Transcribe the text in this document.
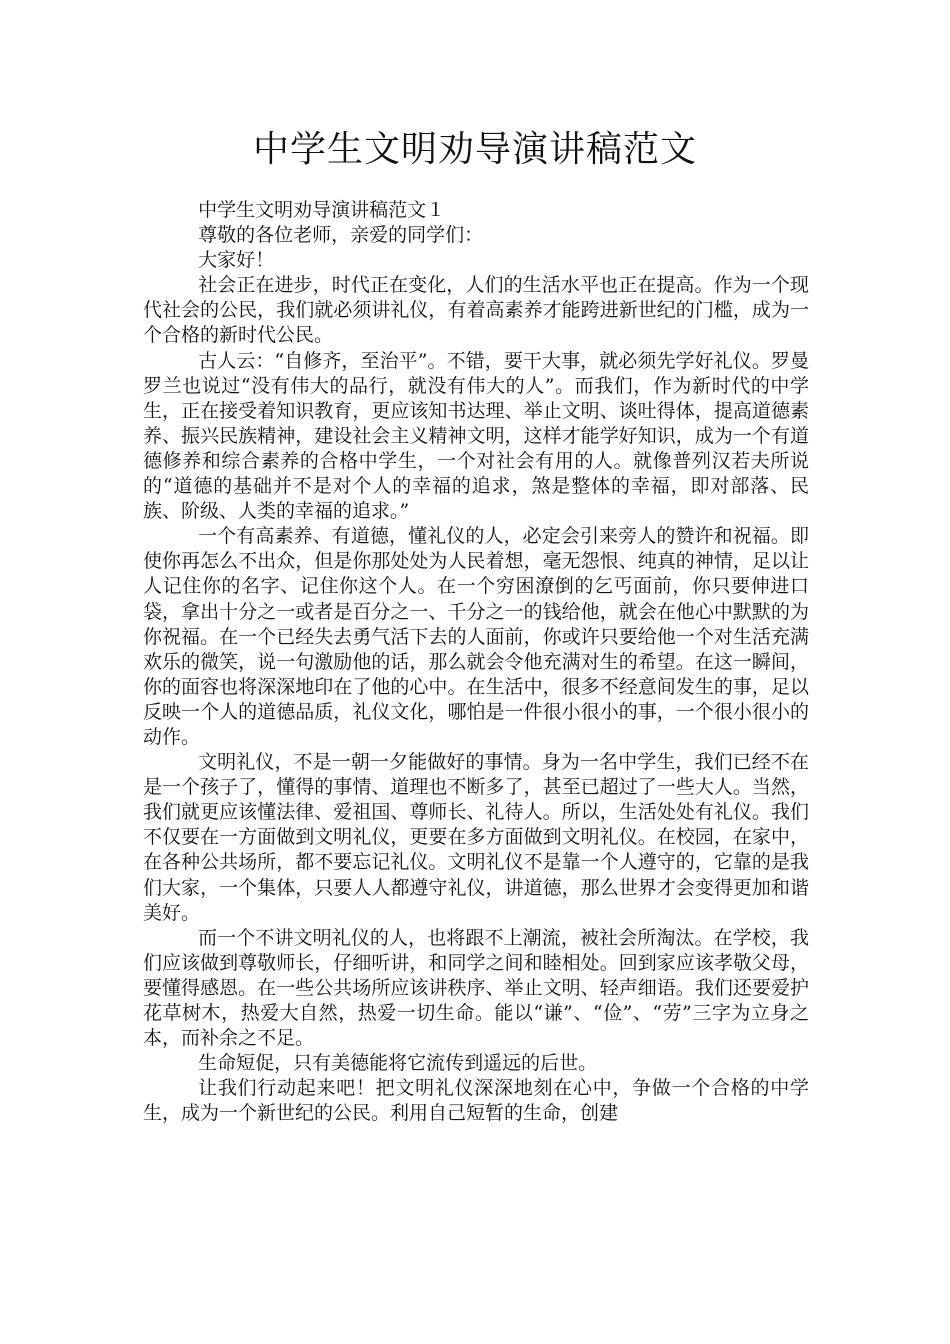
中学生文明劝导演讲稿范文

中学生文明劝导演讲稿范文１

尊敬的各位老师，亲爱的同学们：

大家好！

社会正在进步，时代正在变化，人们的生活水平也正在提高。作为一个现代社会的公民，我们就必须讲礼仪，有着高素养才能跨进新世纪的门槛，成为一个合格的新时代公民。

古人云：“自修齐，至治平”。不错，要干大事，就必须先学好礼仪。罗曼罗兰也说过“没有伟大的品行，就没有伟大的人”。而我们，作为新时代的中学生，正在接受着知识教育，更应该知书达理、举止文明、谈吐得体，提高道德素养、振兴民族精神，建设社会主义精神文明，这样才能学好知识，成为一个有道德修养和综合素养的合格中学生，一个对社会有用的人。就像普列汉若夫所说的“道德的基础并不是对个人的幸福的追求，煞是整体的幸福，即对部落、民族、阶级、人类的幸福的追求。”

一个有高素养、有道德，懂礼仪的人，必定会引来旁人的赞许和祝福。即使你再怎么不出众，但是你那处处为人民着想，毫无怨恨、纯真的神情，足以让人记住你的名字、记住你这个人。在一个穷困潦倒的乞丐面前，你只要伸进口袋，拿出十分之一或者是百分之一、千分之一的钱给他，就会在他心中默默的为你祝福。在一个已经失去勇气活下去的人面前，你或许只要给他一个对生活充满欢乐的微笑，说一句激励他的话，那么就会令他充满对生的希望。在这一瞬间，你的面容也将深深地印在了他的心中。在生活中，很多不经意间发生的事，足以反映一个人的道德品质，礼仪文化，哪怕是一件很小很小的事，一个很小很小的动作。

文明礼仪，不是一朝一夕能做好的事情。身为一名中学生，我们已经不在是一个孩子了，懂得的事情、道理也不断多了，甚至已超过了一些大人。当然，我们就更应该懂法律、爱祖国、尊师长、礼待人。所以，生活处处有礼仪。我们不仅要在一方面做到文明礼仪，更要在多方面做到文明礼仪。在校园，在家中，在各种公共场所，都不要忘记礼仪。文明礼仪不是靠一个人遵守的，它靠的是我们大家，一个集体，只要人人都遵守礼仪，讲道德，那么世界才会变得更加和谐美好。

而一个不讲文明礼仪的人，也将跟不上潮流，被社会所淘汰。在学校，我们应该做到尊敬师长，仔细听讲，和同学之间和睦相处。回到家应该孝敬父母，要懂得感恩。在一些公共场所应该讲秩序、举止文明、轻声细语。我们还要爱护花草树木，热爱大自然，热爱一切生命。能以“谦”、“俭”、“劳”三字为立身之本，而补余之不足。

生命短促，只有美德能将它流传到遥远的后世。

让我们行动起来吧！把文明礼仪深深地刻在心中，争做一个合格的中学生，成为一个新世纪的公民。利用自己短暂的生命，创建
